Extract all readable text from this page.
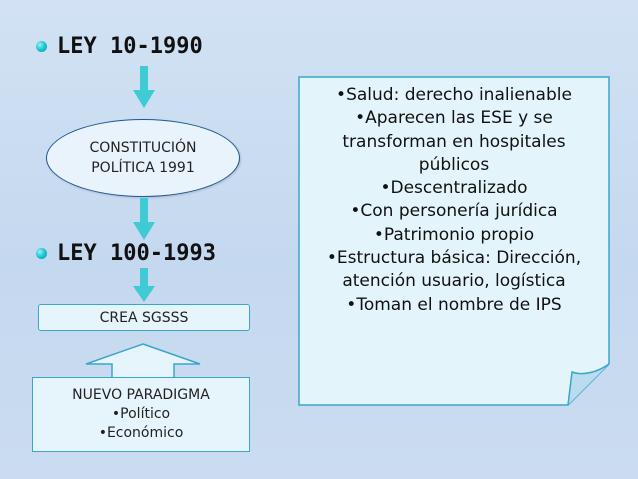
LEY 10-1990
CONSTITUCIÓN
POLÍTICA 1991
LEY 100-1993
CREA SGSSS
NUEVO PARADIGMA
•Político
•Económico
•Salud: derecho inalienable
•Aparecen las ESE y se
transforman en hospitales
públicos
•Descentralizado
•Con personería jurídica
•Patrimonio propio
•Estructura básica: Dirección,
atención usuario, logística
•Toman el nombre de IPS
